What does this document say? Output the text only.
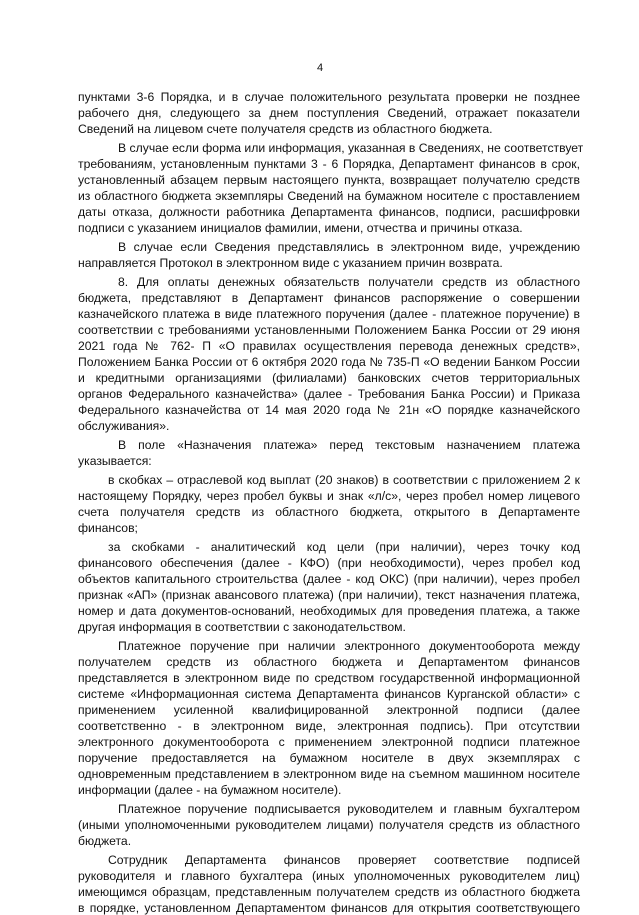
4
пунктами 3-6 Порядка, и в случае положительного результата проверки не позднее
рабочего дня, следующего за днем поступления Сведений, отражает показатели
Сведений на лицевом счете получателя средств из областного бюджета.
В случае если форма или информация, указанная в Сведениях, не соответствует
требованиям, установленным пунктами 3 - 6 Порядка, Департамент финансов в срок,
установленный абзацем первым настоящего пункта, возвращает получателю средств
из областного бюджета экземпляры Сведений на бумажном носителе с проставлением
даты отказа, должности работника Департамента финансов, подписи, расшифровки
подписи с указанием инициалов фамилии, имени, отчества и причины отказа.
В случае если Сведения представлялись в электронном виде, учреждению
направляется Протокол в электронном виде с указанием причин возврата.
8. Для оплаты денежных обязательств получатели средств из областного
бюджета, представляют в Департамент финансов распоряжение о совершении
казначейского платежа в виде платежного поручения (далее - платежное поручение) в
соответствии с требованиями установленными Положением Банка России от 29 июня
2021 года № 762- П «О правилах осуществления перевода денежных средств»,
Положением Банка России от 6 октября 2020 года № 735-П «О ведении Банком России
и кредитными организациями (филиалами) банковских счетов территориальных
органов Федерального казначейства» (далее - Требования Банка России) и Приказа
Федерального казначейства от 14 мая 2020 года № 21н «О порядке казначейского
обслуживания».
В поле «Назначения платежа» перед текстовым назначением платежа
указывается:
в скобках – отраслевой код выплат (20 знаков) в соответствии с приложением 2 к
настоящему Порядку, через пробел буквы и знак «л/с», через пробел номер лицевого
счета получателя средств из областного бюджета, открытого в Департаменте
финансов;
за скобками - аналитический код цели (при наличии), через точку код
финансового обеспечения (далее - КФО) (при необходимости), через пробел код
объектов капитального строительства (далее - код ОКС) (при наличии), через пробел
признак «АП» (признак авансового платежа) (при наличии), текст назначения платежа,
номер и дата документов-оснований, необходимых для проведения платежа, а также
другая информация в соответствии с законодательством.
Платежное поручение при наличии электронного документооборота между
получателем средств из областного бюджета и Департаментом финансов
представляется в электронном виде по средством государственной информационной
системе «Информационная система Департамента финансов Курганской области» с
применением усиленной квалифицированной электронной подписи (далее
соответственно - в электронном виде, электронная подпись). При отсутствии
электронного документооборота с применением электронной подписи платежное
поручение предоставляется на бумажном носителе в двух экземплярах с
одновременным представлением в электронном виде на съемном машинном носителе
информации (далее - на бумажном носителе).
Платежное поручение подписывается руководителем и главным бухгалтером
(иными уполномоченными руководителем лицами) получателя средств из областного
бюджета.
Сотрудник Департамента финансов проверяет соответствие подписей
руководителя и главного бухгалтера (иных уполномоченных руководителем лиц)
имеющимся образцам, представленным получателем средств из областного бюджета
в порядке, установленном Департаментом финансов для открытия соответствующего
